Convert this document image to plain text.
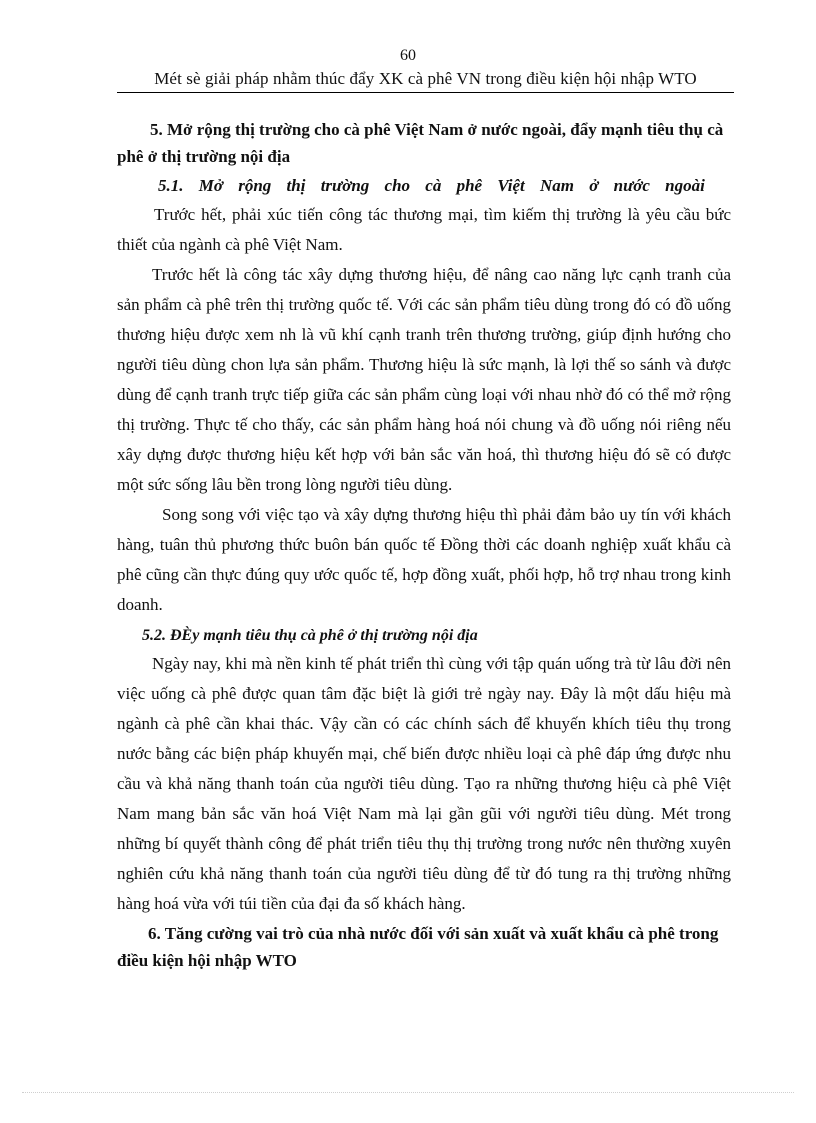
60
Mét sè giải pháp nhằm thúc đẩy XK cà phê VN trong điều kiện hội nhập WTO

5. Mở rộng thị trường cho cà phê Việt Nam ở nước ngoài, đẩy mạnh tiêu thụ cà phê ở thị trường nội địa

5.1. Mở rộng thị trường cho cà phê Việt Nam ở nước ngoài

Trước hết, phải xúc tiến công tác thương mại, tìm kiếm thị trường là yêu cầu bức thiết của ngành cà phê Việt Nam.

Trước hết là công tác xây dựng thương hiệu, để nâng cao năng lực cạnh tranh của sản phẩm cà phê trên thị trường quốc tế. Với các sản phẩm tiêu dùng trong đó có đồ uống thương hiệu được xem nh là vũ khí cạnh tranh trên thương trường, giúp định hướng cho người tiêu dùng chon lựa sản phẩm. Thương hiệu là sức mạnh, là lợi thế so sánh và được dùng để cạnh tranh trực tiếp giữa các sản phẩm cùng loại với nhau nhờ đó có thể mở rộng thị trường. Thực tế cho thấy, các sản phẩm hàng hoá nói chung và đồ uống nói riêng nếu xây dựng được thương hiệu kết hợp với bản sắc văn hoá, thì thương hiệu đó sẽ có được một sức sống lâu bền trong lòng người tiêu dùng.

Song song với việc tạo và xây dựng thương hiệu thì phải đảm bảo uy tín với khách hàng, tuân thủ phương thức buôn bán quốc tế Đồng thời các doanh nghiệp xuất khẩu cà phê cũng cần thực đúng quy ước quốc tế, hợp đồng xuất, phối hợp, hỗ trợ nhau trong kinh doanh.

5.2. ĐÈy mạnh tiêu thụ cà phê ở thị trường nội địa

Ngày nay, khi mà nền kinh tế phát triển thì cùng với tập quán uống trà từ lâu đời nên việc uống cà phê được quan tâm đặc biệt là giới trẻ ngày nay. Đây là một dấu hiệu mà ngành cà phê cần khai thác. Vậy cần có các chính sách để khuyến khích tiêu thụ trong nước bằng các biện pháp khuyến mại, chế biến được nhiều loại cà phê đáp ứng được nhu cầu và khả năng thanh toán của người tiêu dùng. Tạo ra những thương hiệu cà phê Việt Nam mang bản sắc văn hoá Việt Nam mà lại gần gũi với người tiêu dùng. Mét trong những bí quyết thành công để phát triển tiêu thụ thị trường trong nước nên thường xuyên nghiên cứu khả năng thanh toán của người tiêu dùng để từ đó tung ra thị trường những hàng hoá vừa với túi tiền của đại đa số khách hàng.

6. Tăng cường vai trò của nhà nước đối với sản xuất và xuất khẩu cà phê trong điều kiện hội nhập WTO
